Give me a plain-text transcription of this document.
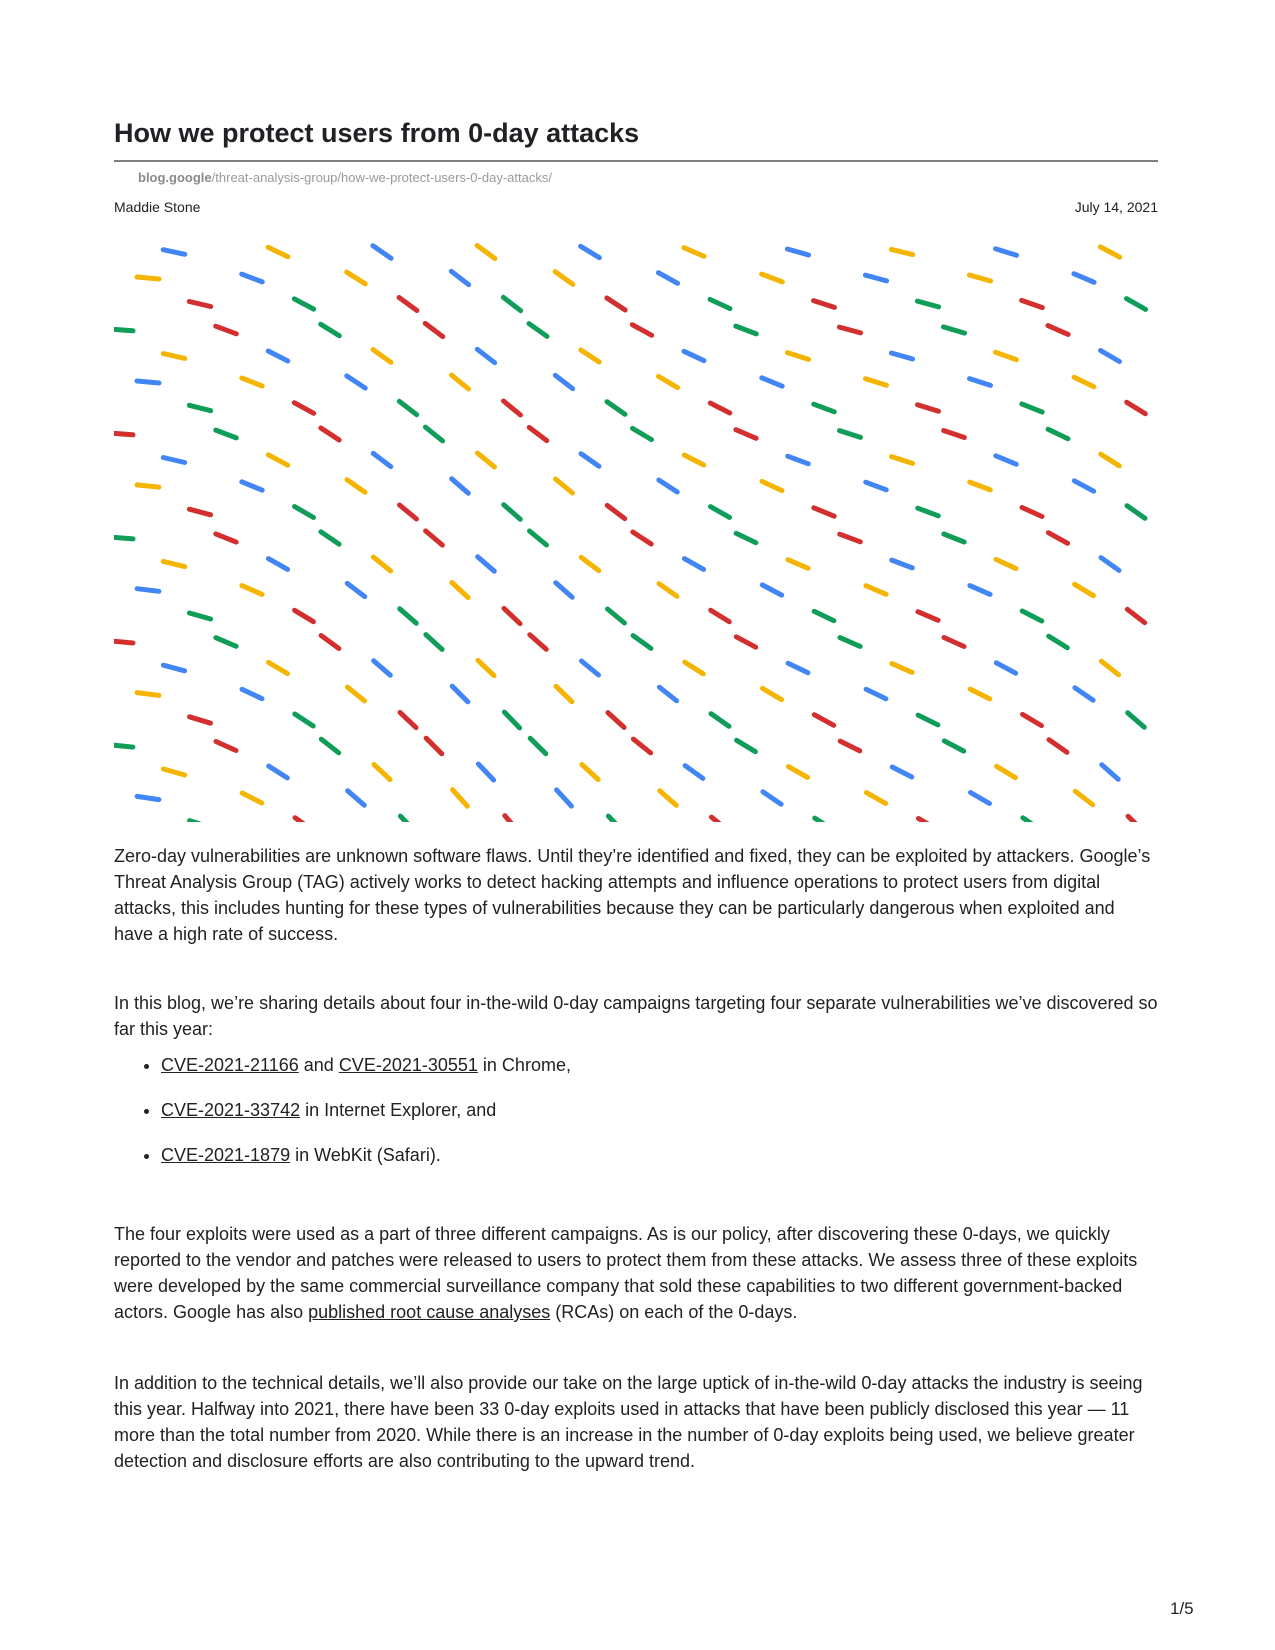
How we protect users from 0-day attacks
blog.google/threat-analysis-group/how-we-protect-users-0-day-attacks/
Maddie Stone	July 14, 2021

Zero-day vulnerabilities are unknown software flaws. Until they’re identified and fixed, they can be exploited by attackers. Google’s Threat Analysis Group (TAG) actively works to detect hacking attempts and influence operations to protect users from digital attacks, this includes hunting for these types of vulnerabilities because they can be particularly dangerous when exploited and have a high rate of success.

In this blog, we’re sharing details about four in-the-wild 0-day campaigns targeting four separate vulnerabilities we’ve discovered so far this year:

• CVE-2021-21166 and CVE-2021-30551 in Chrome,
• CVE-2021-33742 in Internet Explorer, and
• CVE-2021-1879 in WebKit (Safari).

The four exploits were used as a part of three different campaigns. As is our policy, after discovering these 0-days, we quickly reported to the vendor and patches were released to users to protect them from these attacks. We assess three of these exploits were developed by the same commercial surveillance company that sold these capabilities to two different government-backed actors. Google has also published root cause analyses (RCAs) on each of the 0-days.

In addition to the technical details, we’ll also provide our take on the large uptick of in-the-wild 0-day attacks the industry is seeing this year. Halfway into 2021, there have been 33 0-day exploits used in attacks that have been publicly disclosed this year — 11 more than the total number from 2020. While there is an increase in the number of 0-day exploits being used, we believe greater detection and disclosure efforts are also contributing to the upward trend.

1/5
